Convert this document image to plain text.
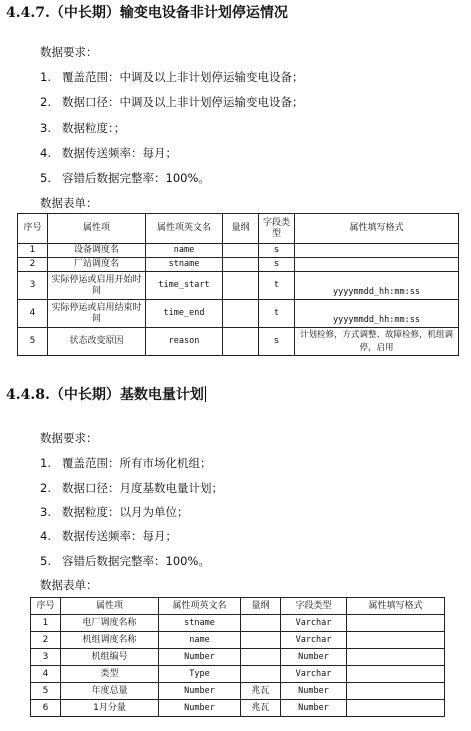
4.4.7.（中长期）输变电设备非计划停运情况
数据要求：
1. 覆盖范围：中调及以上非计划停运输变电设备；
2. 数据口径：中调及以上非计划停运输变电设备；
3. 数据粒度：；
4. 数据传送频率：每月；
5. 容错后数据完整率：100%。
数据表单：
序号	属性项	属性项英文名	量纲	字段类型	属性填写格式
1	设备调度名	name		s	
2	厂站调度名	stname		s	
3	实际停运或启用开始时间	time_start		t	yyyymmdd_hh:mm:ss
4	实际停运或启用结束时间	time_end		t	yyyymmdd_hh:mm:ss
5	状态改变原因	reason		s	计划检修，方式调整、故障检修，机组调停，启用
4.4.8.（中长期）基数电量计划
数据要求：
1. 覆盖范围：所有市场化机组；
2. 数据口径：月度基数电量计划；
3. 数据粒度：以月为单位；
4. 数据传送频率：每月；
5. 容错后数据完整率：100%。
数据表单：
序号	属性项	属性项英文名	量纲	字段类型	属性填写格式
1	电厂调度名称	stname		Varchar	
2	机组调度名称	name		Varchar	
3	机组编号	Number		Number	
4	类型	Type		Varchar	
5	年度总量	Number	兆瓦	Number	
6	1月分量	Number	兆瓦	Number	
